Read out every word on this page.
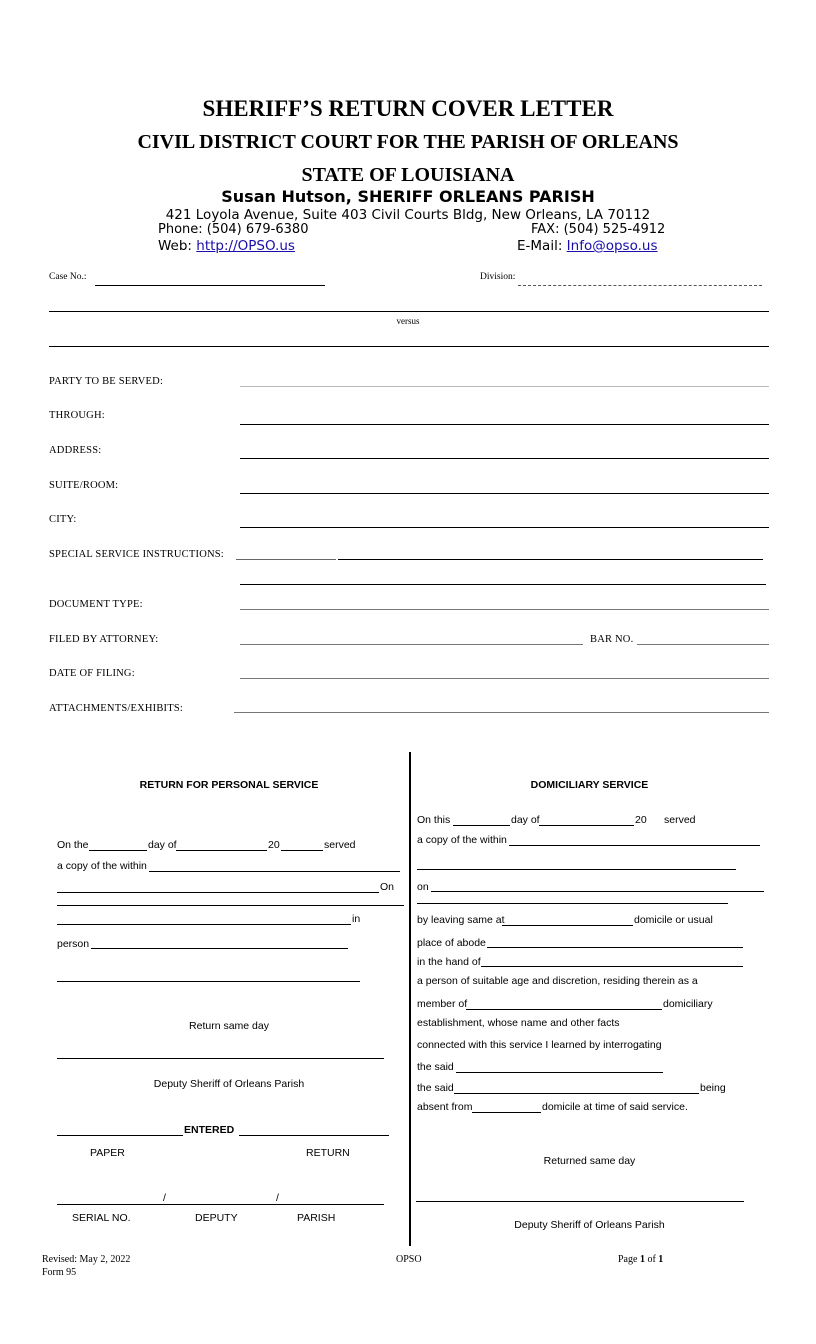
SHERIFF’S RETURN COVER LETTER
CIVIL DISTRICT COURT FOR THE PARISH OF ORLEANS
STATE OF LOUISIANA
Susan Hutson, SHERIFF ORLEANS PARISH
421 Loyola Avenue, Suite 403 Civil Courts Bldg, New Orleans, LA 70112
Phone: (504) 679-6380	FAX: (504) 525-4912
Web: http://OPSO.us	E-Mail: Info@opso.us
Case No.:	Division:
versus
PARTY TO BE SERVED:
THROUGH:
ADDRESS:
SUITE/ROOM:
CITY:
SPECIAL SERVICE INSTRUCTIONS:
DOCUMENT TYPE:
FILED BY ATTORNEY:	BAR NO.
DATE OF FILING:
ATTACHMENTS/EXHIBITS:
RETURN FOR PERSONAL SERVICE
On the	day of	20	served
a copy of the within
On
in
person
Return same day
Deputy Sheriff of Orleans Parish
ENTERED
PAPER	RETURN
/	/
SERIAL NO.	DEPUTY	PARISH
DOMICILIARY SERVICE
On this	day of	20 served
a copy of the within
on
by leaving same at	domicile or usual
place of abode
in the hand of
a person of suitable age and discretion, residing therein as a
member of	domiciliary
establishment, whose name and other facts
connected with this service I learned by interrogating
the said
the said	being
absent from	domicile at time of said service.
Returned same day
Deputy Sheriff of Orleans Parish
Revised: May 2, 2022
Form 95
OPSO	Page 1 of 1
